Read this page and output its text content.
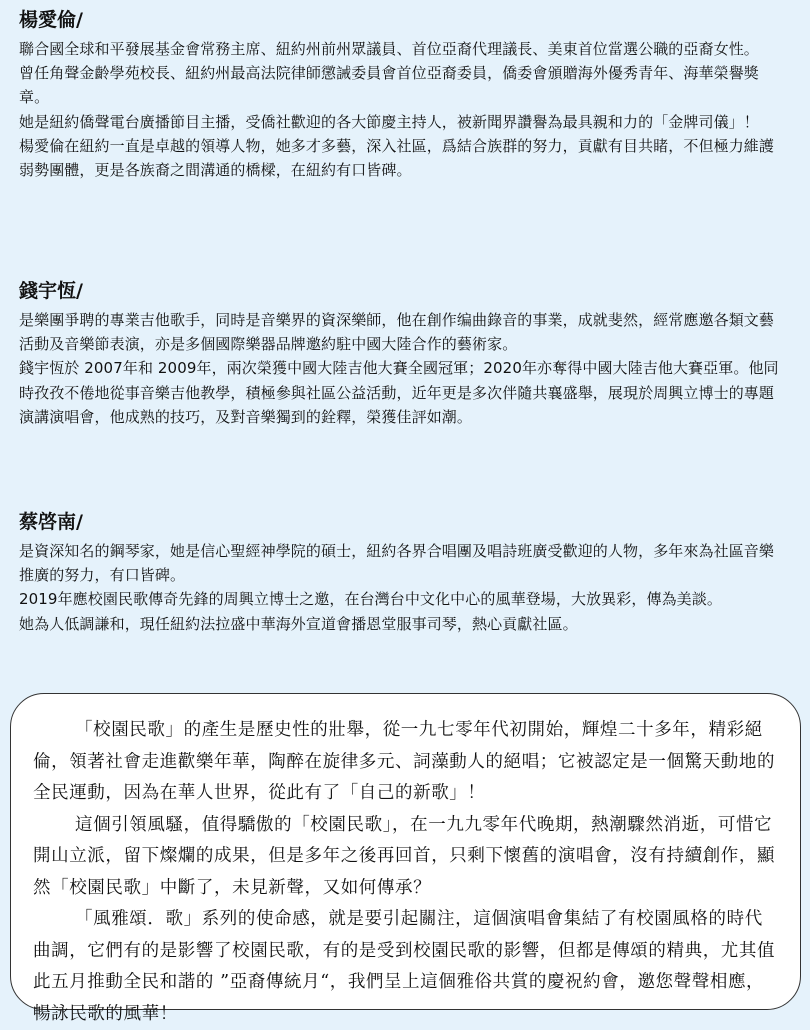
楊愛倫/

聯合國全球和平發展基金會常務主席、紐約州前州眾議員、首位亞裔代理議長、美東首位當選公職的亞裔女性。

曾任角聲金齡學苑校長、紐約州最高法院律師懲誡委員會首位亞裔委員，僑委會頒贈海外優秀青年、海華榮譽獎章。

她是紐約僑聲電台廣播節目主播，受僑社歡迎的各大節慶主持人，被新聞界讚譽為最具親和力的「金牌司儀」！

楊愛倫在紐約一直是卓越的領導人物，她多才多藝，深入社區，爲結合族群的努力，貢獻有目共睹，不但極力維護弱勢團體，更是各族裔之間溝通的橋樑，在紐約有口皆碑。

錢宇恆/

是樂團爭聘的專業吉他歌手，同時是音樂界的資深樂師，他在創作编曲錄音的事業，成就斐然，經常應邀各類文藝活動及音樂節表演，亦是多個國際樂器品牌邀約駐中國大陸合作的藝術家。

錢宇恆於 2007年和 2009年，兩次榮獲中國大陸吉他大賽全國冠軍；2020年亦奪得中國大陸吉他大賽亞軍。他同時孜孜不倦地從事音樂吉他教學，積極參與社區公益活動，近年更是多次伴隨共襄盛舉，展現於周興立博士的專題演講演唱會，他成熟的技巧，及對音樂獨到的銓釋，榮獲佳評如潮。

蔡啓南/

是資深知名的鋼琴家，她是信心聖經神學院的碩士，紐約各界合唱團及唱詩班廣受歡迎的人物，多年來為社區音樂推廣的努力，有口皆碑。

2019年應校園民歌傳奇先鋒的周興立博士之邀，在台灣台中文化中心的風華登場，大放異彩，傳為美談。

她為人低調謙和，現任紐約法拉盛中華海外宣道會播恩堂服事司琴，熱心貢獻社區。

「校園民歌」的產生是歷史性的壯舉，從一九七零年代初開始，輝煌二十多年，精彩絕倫，領著社會走進歡樂年華，陶醉在旋律多元、詞藻動人的絕唱；它被認定是一個驚天動地的全民運動，因為在華人世界，從此有了「自己的新歌」！

這個引領風騷，值得驕傲的「校園民歌」，在一九九零年代晚期，熱潮驟然消逝，可惜它開山立派，留下燦爛的成果，但是多年之後再回首，只剩下懷舊的演唱會，沒有持續創作，顯然「校園民歌」中斷了，未見新聲，又如何傳承？

「風雅頌．歌」系列的使命感，就是要引起關注，這個演唱會集結了有校園風格的時代曲調，它們有的是影響了校園民歌，有的是受到校園民歌的影響，但都是傳頌的精典，尤其值此五月推動全民和諧的 ”亞裔傳統月“，我們呈上這個雅俗共賞的慶祝約會，邀您聲聲相應，暢詠民歌的風華！
